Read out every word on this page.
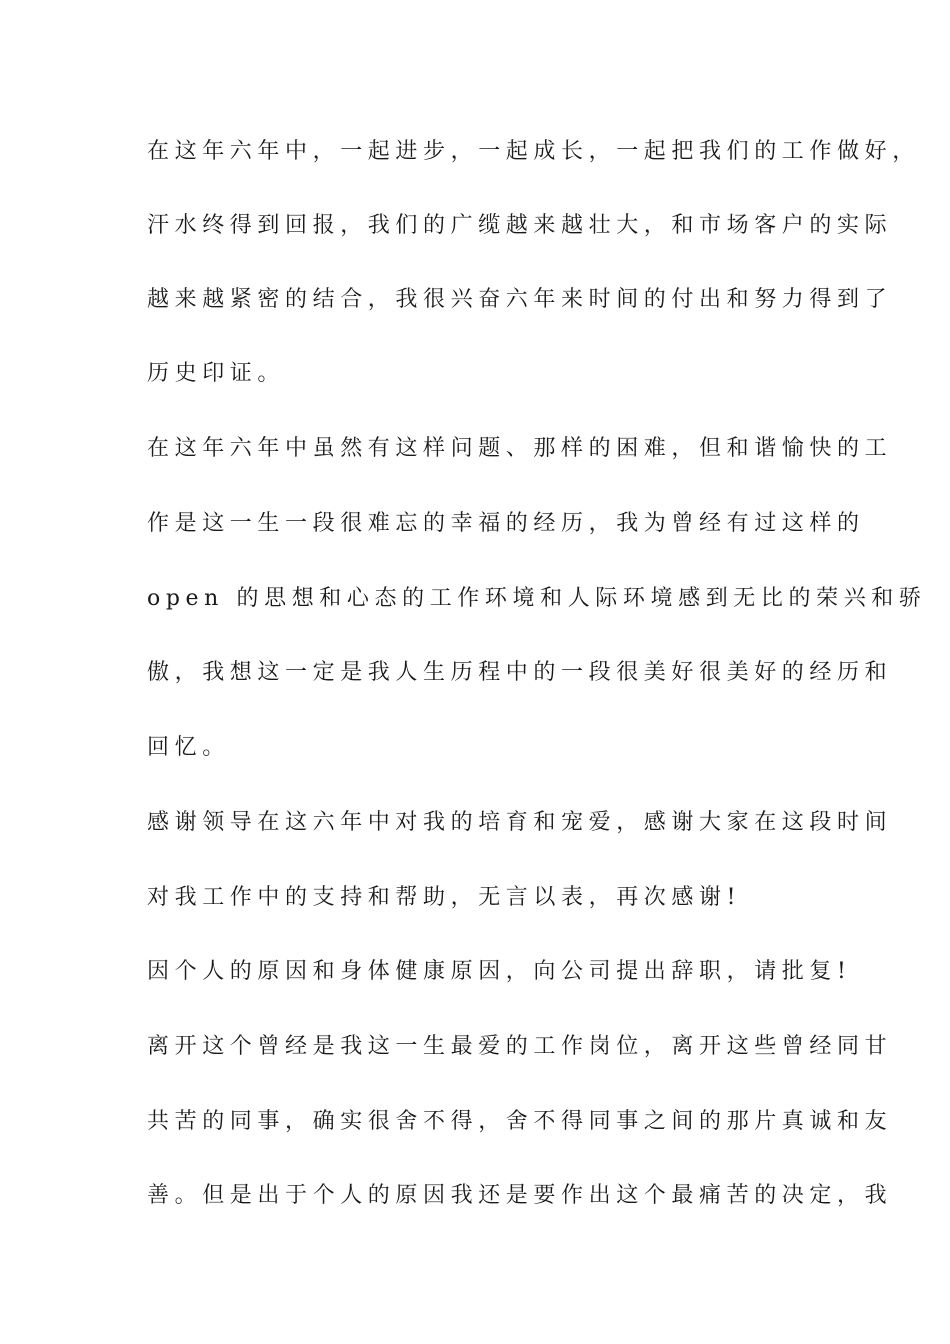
在这年六年中，一起进步，一起成长，一起把我们的工作做好，
汗水终得到回报，我们的广缆越来越壮大，和市场客户的实际
越来越紧密的结合，我很兴奋六年来时间的付出和努力得到了
历史印证。
在这年六年中虽然有这样问题、那样的困难，但和谐愉快的工
作是这一生一段很难忘的幸福的经历，我为曾经有过这样的
open 的思想和心态的工作环境和人际环境感到无比的荣兴和骄
傲，我想这一定是我人生历程中的一段很美好很美好的经历和
回忆。
感谢领导在这六年中对我的培育和宠爱，感谢大家在这段时间
对我工作中的支持和帮助，无言以表，再次感谢!
因个人的原因和身体健康原因，向公司提出辞职，请批复!
离开这个曾经是我这一生最爱的工作岗位，离开这些曾经同甘
共苦的同事，确实很舍不得，舍不得同事之间的那片真诚和友
善。但是出于个人的原因我还是要作出这个最痛苦的决定，我
